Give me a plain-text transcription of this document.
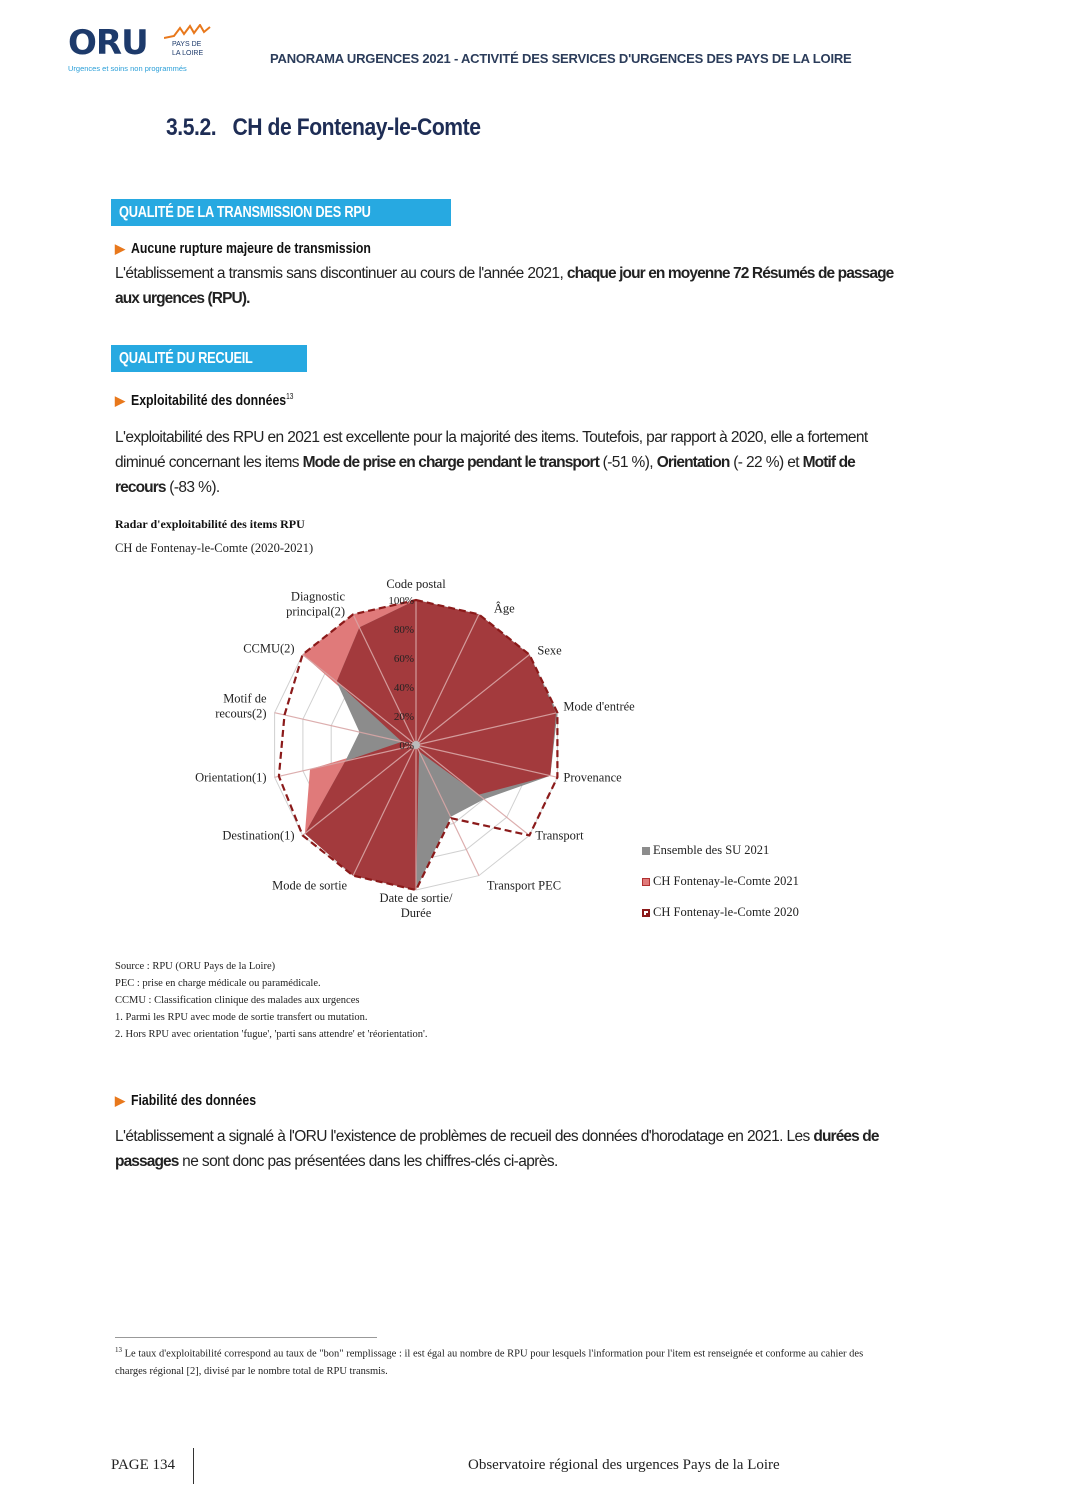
ORU	PAYS DE
LA LOIRE
Urgences et soins non programmés
PANORAMA URGENCES 2021 - ACTIVITÉ DES SERVICES D'URGENCES DES PAYS DE LA LOIRE
3.5.2. CH de Fontenay-le-Comte
QUALITÉ DE LA TRANSMISSION DES RPU
▶ Aucune rupture majeure de transmission
L'établissement a transmis sans discontinuer au cours de l'année 2021, chaque jour en moyenne 72 Résumés de passage aux urgences (RPU).
QUALITÉ DU RECUEIL
▶ Exploitabilité des données$^{13}$
L'exploitabilité des RPU en 2021 est excellente pour la majorité des items. Toutefois, par rapport à 2020, elle a fortement diminué concernant les items Mode de prise en charge pendant le transport (-51 %), Orientation (- 22 %) et Motif de recours (-83 %).
Radar d'exploitabilité des items RPU
CH de Fontenay-le-Comte (2020-2021)
0%
20%
40%
60%
80%
100%
Code postal
Âge
Sexe
Mode d'entrée
Provenance
Transport
Transport PEC
Date de sortie/ Durée
Mode de sortie
Destination(1)
Orientation(1)
Motif de recours(2)
CCMU(2)
Diagnostic principal(2)
Ensemble des SU 2021
CH Fontenay-le-Comte 2021
CH Fontenay-le-Comte 2020
Source : RPU (ORU Pays de la Loire)
PEC : prise en charge médicale ou paramédicale.
CCMU : Classification clinique des malades aux urgences
1. Parmi les RPU avec mode de sortie transfert ou mutation.
2. Hors RPU avec orientation 'fugue', 'parti sans attendre' et 'réorientation'.
▶ Fiabilité des données
L'établissement a signalé à l'ORU l'existence de problèmes de recueil des données d'horodatage en 2021. Les durées de passages ne sont donc pas présentées dans les chiffres-clés ci-après.
$^{13}$ Le taux d'exploitabilité correspond au taux de "bon" remplissage : il est égal au nombre de RPU pour lesquels l'information pour l'item est renseignée et conforme au cahier des charges régional [2], divisé par le nombre total de RPU transmis.
PAGE 134	Observatoire régional des urgences Pays de la Loire
